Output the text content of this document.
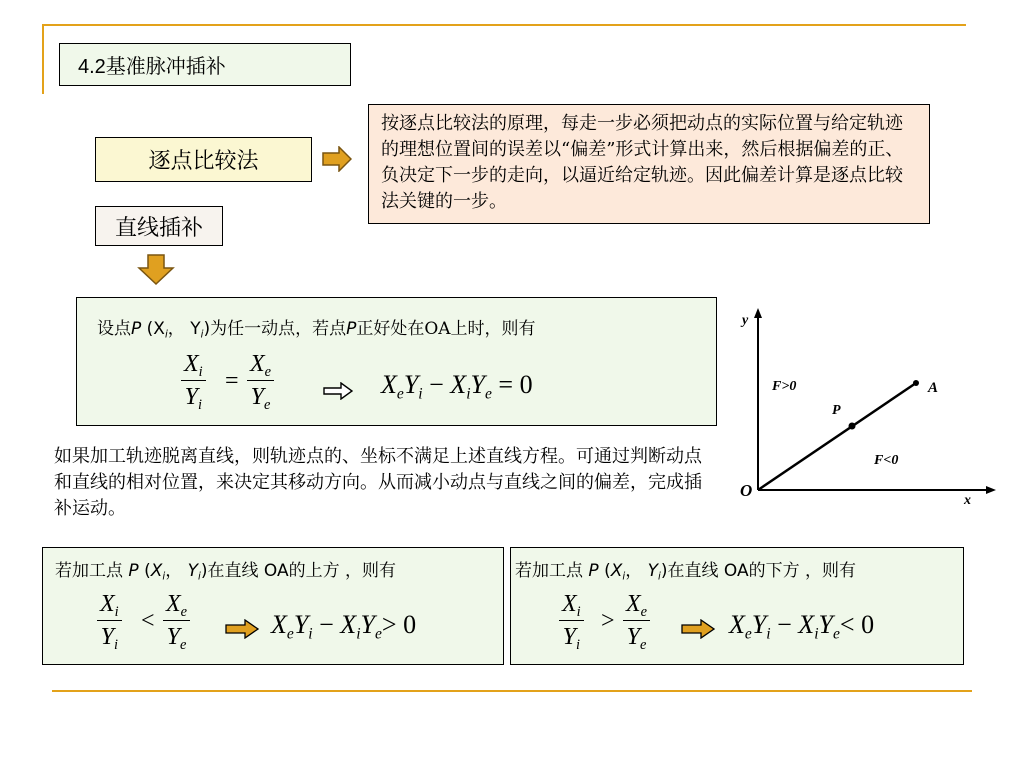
4.2基准脉冲插补
逐点比较法
按逐点比较法的原理，每走一步必须把动点的实际位置与给定轨迹的理想位置间的误差以“偏差”形式计算出来，然后根据偏差的正、负决定下一步的走向，以逼近给定轨迹。因此偏差计算是逐点比较法关键的一步。
直线插补
设点P ($X_i$， $Y_i$)为任一动点，若点P正好处在OA上时，则有
$\frac{X_i}{Y_i} = \frac{X_e}{Y_e}$	$X_eY_i - X_iY_e = 0$
y
x
O
A
P
F>0
F<0
如果加工轨迹脱离直线，则轨迹点的、坐标不满足上述直线方程。可通过判断动点和直线的相对位置，来决定其移动方向。从而减小动点与直线之间的偏差，完成插补运动。
若加工点 P ($X_i$， $Y_i$)在直线 OA的上方 ，则有
$\frac{X_i}{Y_i} < \frac{X_e}{Y_e}$	$X_eY_i - X_iY_e> 0$
若加工点 P ($X_i$， $Y_i$)在直线 OA的下方 ，则有
$\frac{X_i}{Y_i} > \frac{X_e}{Y_e}$	$X_eY_i - X_iY_e< 0$
